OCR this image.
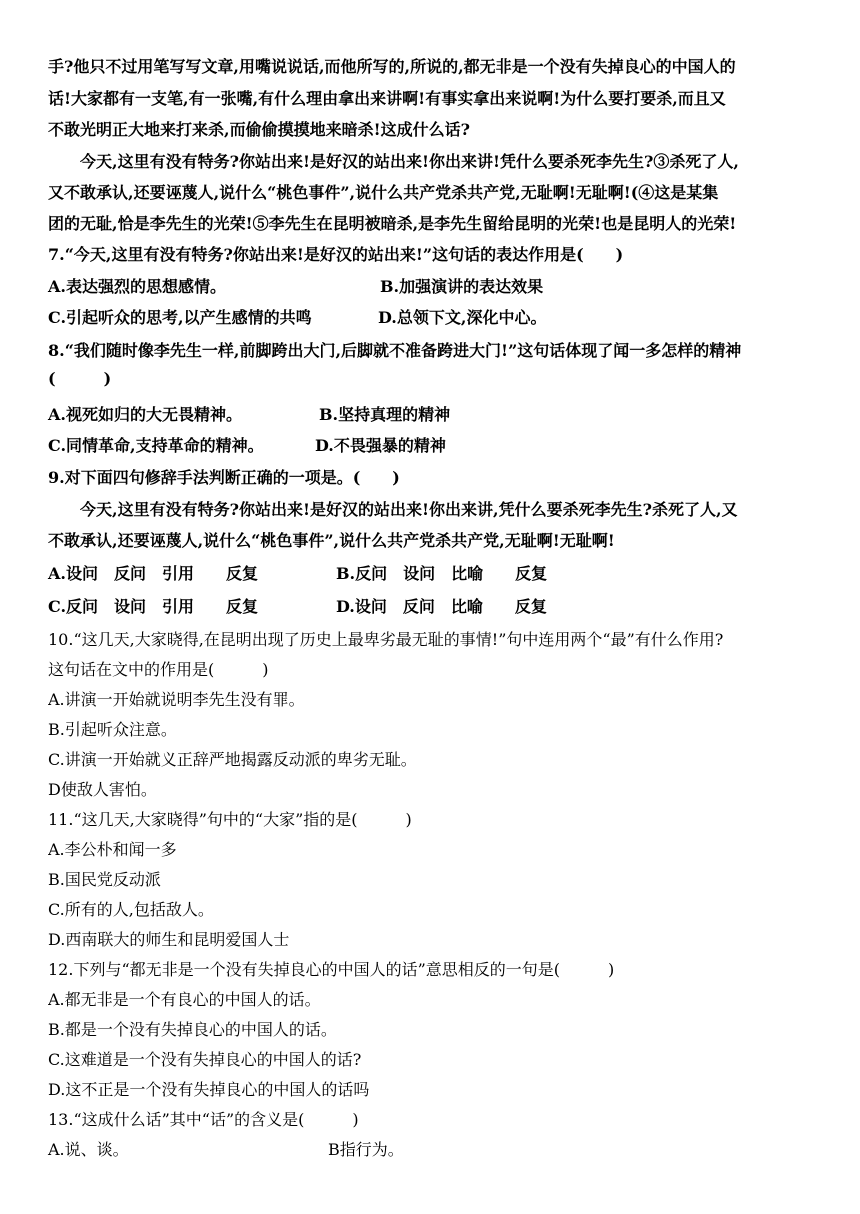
手?他只不过用笔写写文章,用嘴说说话,而他所写的,所说的,都无非是一个没有失掉良心的中国人的
话!大家都有一支笔,有一张嘴,有什么理由拿出来讲啊!有事实拿出来说啊!为什么要打要杀,而且又
不敢光明正大地来打来杀,而偷偷摸摸地来暗杀!这成什么话?
今天,这里有没有特务?你站出来!是好汉的站出来!你出来讲!凭什么要杀死李先生?③杀死了人,
又不敢承认,还要诬蔑人,说什么“桃色事件”,说什么共产党杀共产党,无耻啊!无耻啊!(④这是某集
团的无耻,恰是李先生的光荣!⑤李先生在昆明被暗杀,是李先生留给昆明的光荣!也是昆明人的光荣!
7.“今天,这里有没有特务?你站出来!是好汉的站出来!”这句话的表达作用是(　　)
A.表达强烈的思想感情。	B.加强演讲的表达效果
C.引起听众的思考,以产生感情的共鸣	D.总领下文,深化中心。
8.“我们随时像李先生一样,前脚跨出大门,后脚就不准备跨进大门!”这句话体现了闻一多怎样的精神
(　　　)
A.视死如归的大无畏精神。	B.坚持真理的精神
C.同情革命,支持革命的精神。	D.不畏强暴的精神
9.对下面四句修辞手法判断正确的一项是。(　　)
今天,这里有没有特务?你站出来!是好汉的站出来!你出来讲,凭什么要杀死李先生?杀死了人,又
不敢承认,还要诬蔑人,说什么“桃色事件”,说什么共产党杀共产党,无耻啊!无耻啊!
A.设问　反问　引用　　反复	B.反问　设问　比喻　　反复
C.反问　设问　引用　　反复	D.设问　反问　比喻　　反复
10.“这几天,大家晓得,在昆明出现了历史上最卑劣最无耻的事情!”句中连用两个“最”有什么作用?
这句话在文中的作用是(　　　)
A.讲演一开始就说明李先生没有罪。
B.引起听众注意。
C.讲演一开始就义正辞严地揭露反动派的卑劣无耻。
D使敌人害怕。
11.“这几天,大家晓得”句中的“大家”指的是(　　　)
A.李公朴和闻一多
B.国民党反动派
C.所有的人,包括敌人。
D.西南联大的师生和昆明爱国人士
12.下列与“都无非是一个没有失掉良心的中国人的话”意思相反的一句是(　　　)
A.都无非是一个有良心的中国人的话。
B.都是一个没有失掉良心的中国人的话。
C.这难道是一个没有失掉良心的中国人的话?
D.这不正是一个没有失掉良心的中国人的话吗
13.“这成什么话”其中“话”的含义是(　　　)
A.说、谈。	B指行为。
